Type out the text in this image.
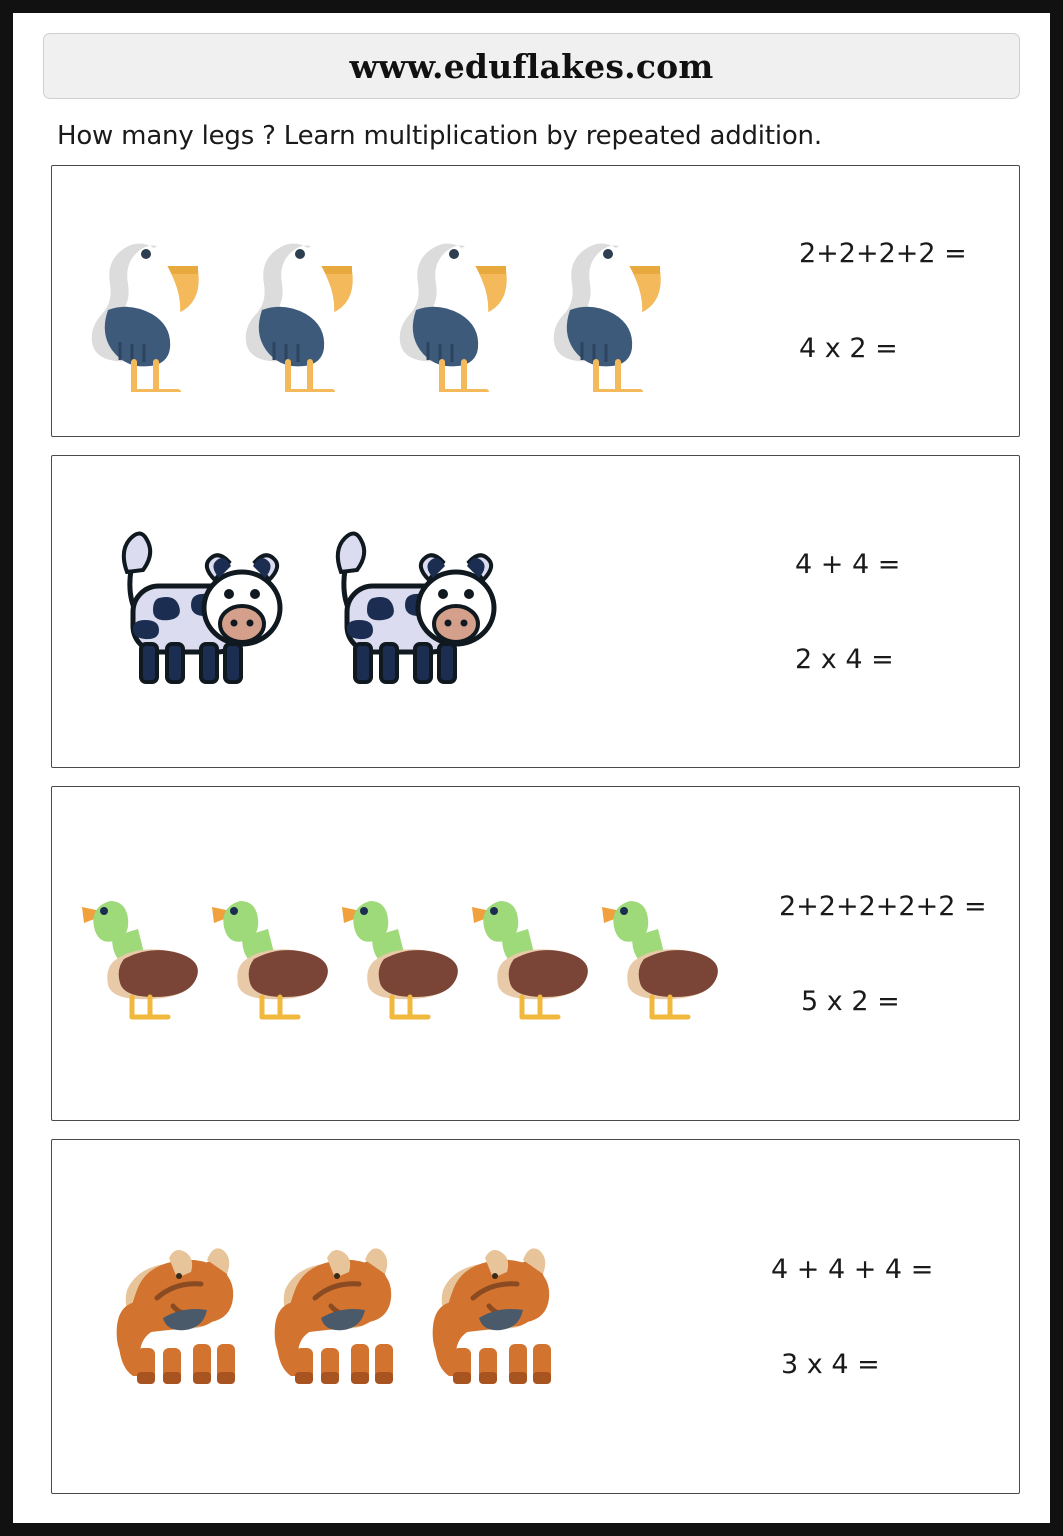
www.eduflakes.com
How many legs ? Learn multiplication by repeated addition.
2+2+2+2 =
4 x 2 =
4 + 4 =
2 x 4 =
2+2+2+2+2 =
5 x 2 =
4 + 4 + 4 =
3 x 4 =
